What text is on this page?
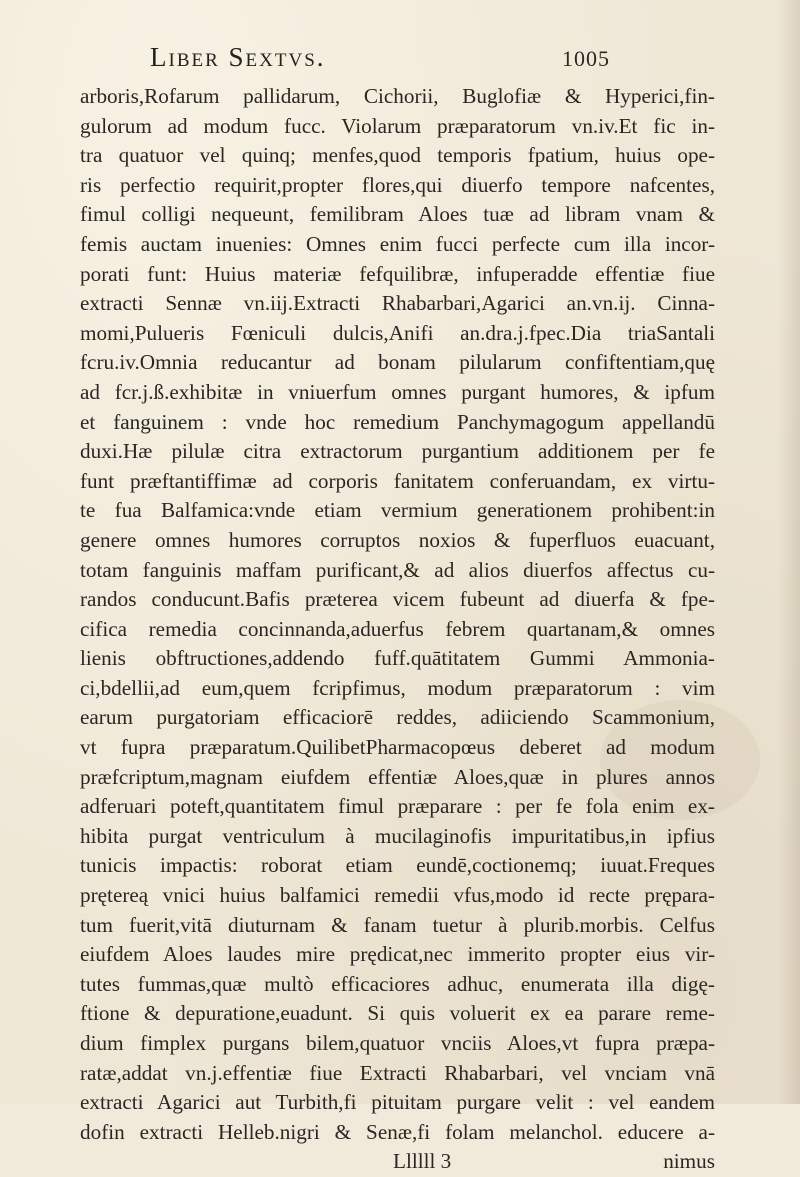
Liber Sextvs.	1005
arboris,Rofarum pallidarum, Cichorii, Buglofiæ & Hyperici,fin-
gulorum ad modum fucc. Violarum præparatorum vn.iv.Et fic in-
tra quatuor vel quinq; menfes,quod temporis fpatium, huius ope-
ris perfectio requirit,propter flores,qui diuerfo tempore nafcentes,
fimul colligi nequeunt, femilibram Aloes tuæ ad libram vnam &
femis auctam inuenies: Omnes enim fucci perfecte cum illa incor-
porati funt: Huius materiæ fefquilibræ, infuperadde effentiæ fiue
extracti Sennæ vn.iij.Extracti Rhabarbari,Agarici an.vn.ij. Cinna-
momi,Pulueris Fœniculi dulcis,Anifi an.dra.j.fpec.Dia triaSantali
fcru.iv.Omnia reducantur ad bonam pilularum confiftentiam,quę
ad fcr.j.ß.exhibitæ in vniuerfum omnes purgant humores, & ipfum
et fanguinem : vnde hoc remedium Panchymagogum appellandū
duxi.Hæ pilulæ citra extractorum purgantium additionem per fe
funt præftantiffimæ ad corporis fanitatem conferuandam, ex virtu-
te fua Balfamica:vnde etiam vermium generationem prohibent:in
genere omnes humores corruptos noxios & fuperfluos euacuant,
totam fanguinis maffam purificant,& ad alios diuerfos affectus cu-
randos conducunt.Bafis præterea vicem fubeunt ad diuerfa & fpe-
cifica remedia concinnanda,aduerfus febrem quartanam,& omnes
lienis obftructiones,addendo fuff.quātitatem Gummi Ammonia-
ci,bdellii,ad eum,quem fcripfimus, modum præparatorum : vim
earum purgatoriam efficaciorē reddes, adiiciendo Scammonium,
vt fupra præparatum.QuilibetPharmacopœus deberet ad modum
præfcriptum,magnam eiufdem effentiæ Aloes,quæ in plures annos
adferuari poteft,quantitatem fimul præparare : per fe fola enim ex-
hibita purgat ventriculum à mucilaginofis impuritatibus,in ipfius
tunicis impactis: roborat etiam eundē,coctionemq; iuuat.Freques
prętereą vnici huius balfamici remedii vfus,modo id recte prępara-
tum fuerit,vitā diuturnam & fanam tuetur à plurib.morbis. Celfus
eiufdem Aloes laudes mire prędicat,nec immerito propter eius vir-
tutes fummas,quæ multò efficaciores adhuc, enumerata illa digę-
ftione & depuratione,euadunt. Si quis voluerit ex ea parare reme-
dium fimplex purgans bilem,quatuor vnciis Aloes,vt fupra præpa-
ratæ,addat vn.j.effentiæ fiue Extracti Rhabarbari, vel vnciam vnā
extracti Agarici aut Turbith,fi pituitam purgare velit : vel eandem
dofin extracti Helleb.nigri & Senæ,fi folam melanchol. educere a-
Llllll 3	nimus
